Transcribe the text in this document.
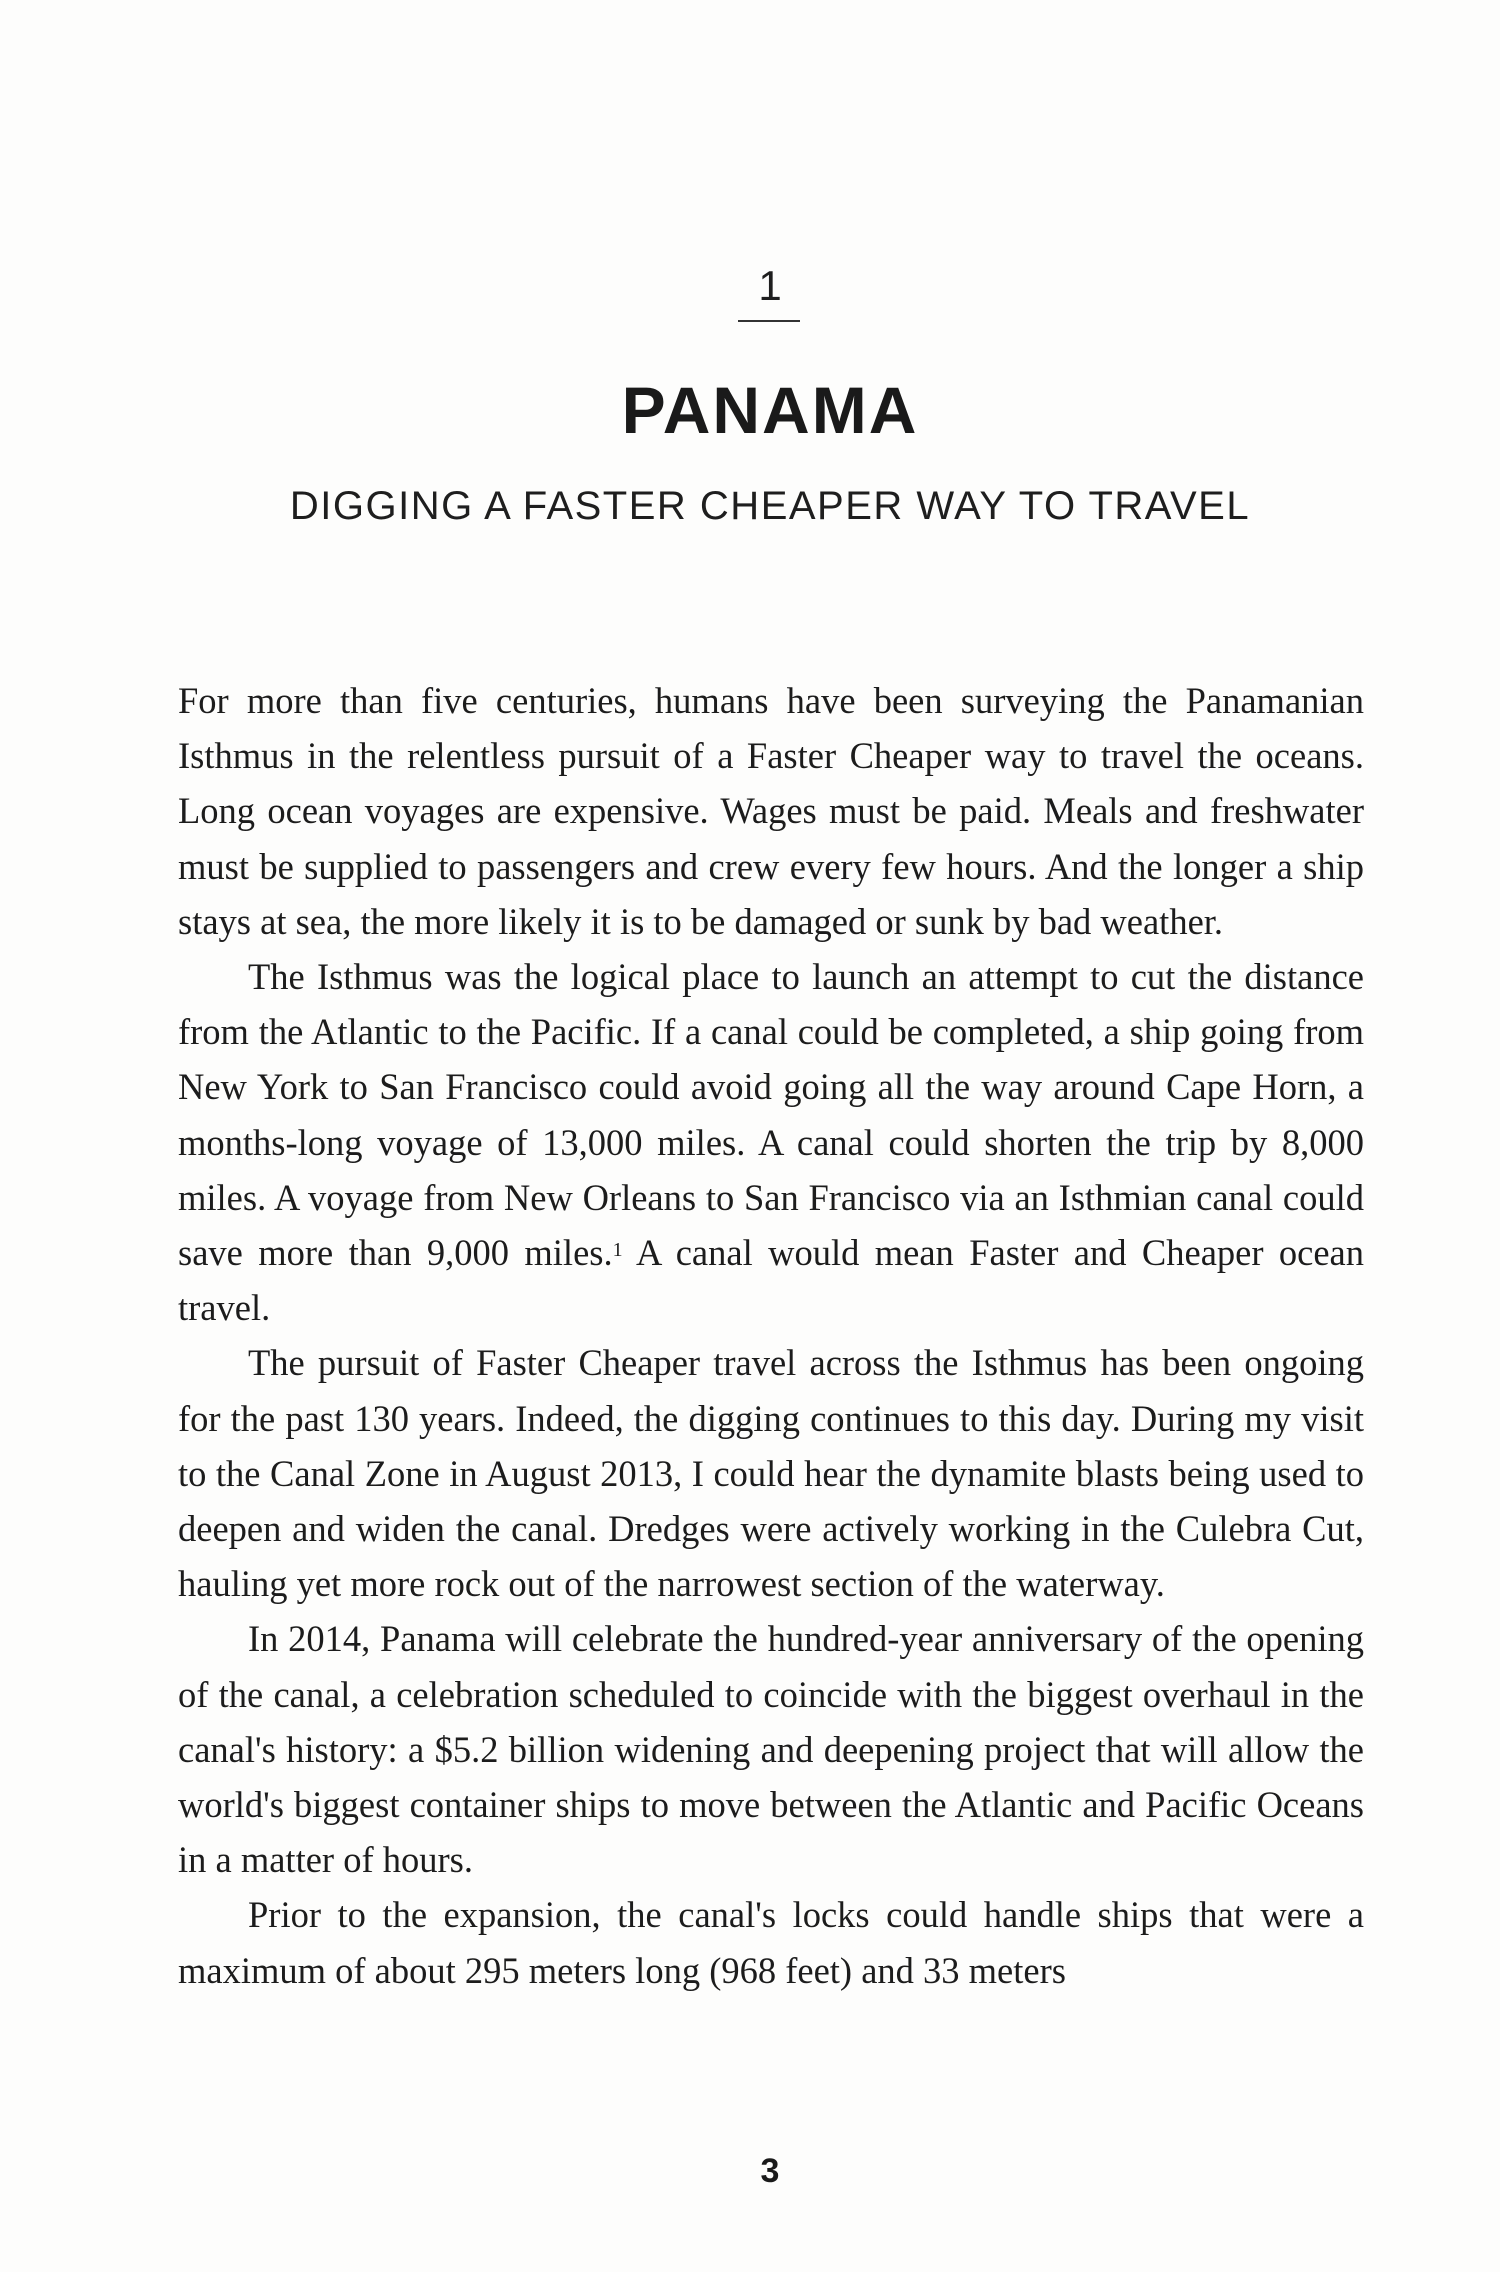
1
PANAMA
DIGGING A FASTER CHEAPER WAY TO TRAVEL

For more than five centuries, humans have been surveying the Panamanian Isthmus in the relentless pursuit of a Faster Cheaper way to travel the oceans. Long ocean voyages are expensive. Wages must be paid. Meals and freshwater must be supplied to passengers and crew every few hours. And the longer a ship stays at sea, the more likely it is to be damaged or sunk by bad weather.

The Isthmus was the logical place to launch an attempt to cut the distance from the Atlantic to the Pacific. If a canal could be completed, a ship going from New York to San Francisco could avoid going all the way around Cape Horn, a months-long voyage of 13,000 miles. A canal could shorten the trip by 8,000 miles. A voyage from New Orleans to San Francisco via an Isthmian canal could save more than 9,000 miles.$^1$ A canal would mean Faster and Cheaper ocean travel.

The pursuit of Faster Cheaper travel across the Isthmus has been ongoing for the past 130 years. Indeed, the digging continues to this day. During my visit to the Canal Zone in August 2013, I could hear the dynamite blasts being used to deepen and widen the canal. Dredges were actively working in the Culebra Cut, hauling yet more rock out of the narrowest section of the waterway.

In 2014, Panama will celebrate the hundred-year anniversary of the opening of the canal, a celebration scheduled to coincide with the biggest overhaul in the canal's history: a $5.2 billion widening and deepening project that will allow the world's biggest container ships to move between the Atlantic and Pacific Oceans in a matter of hours.

Prior to the expansion, the canal's locks could handle ships that were a maximum of about 295 meters long (968 feet) and 33 meters

3
